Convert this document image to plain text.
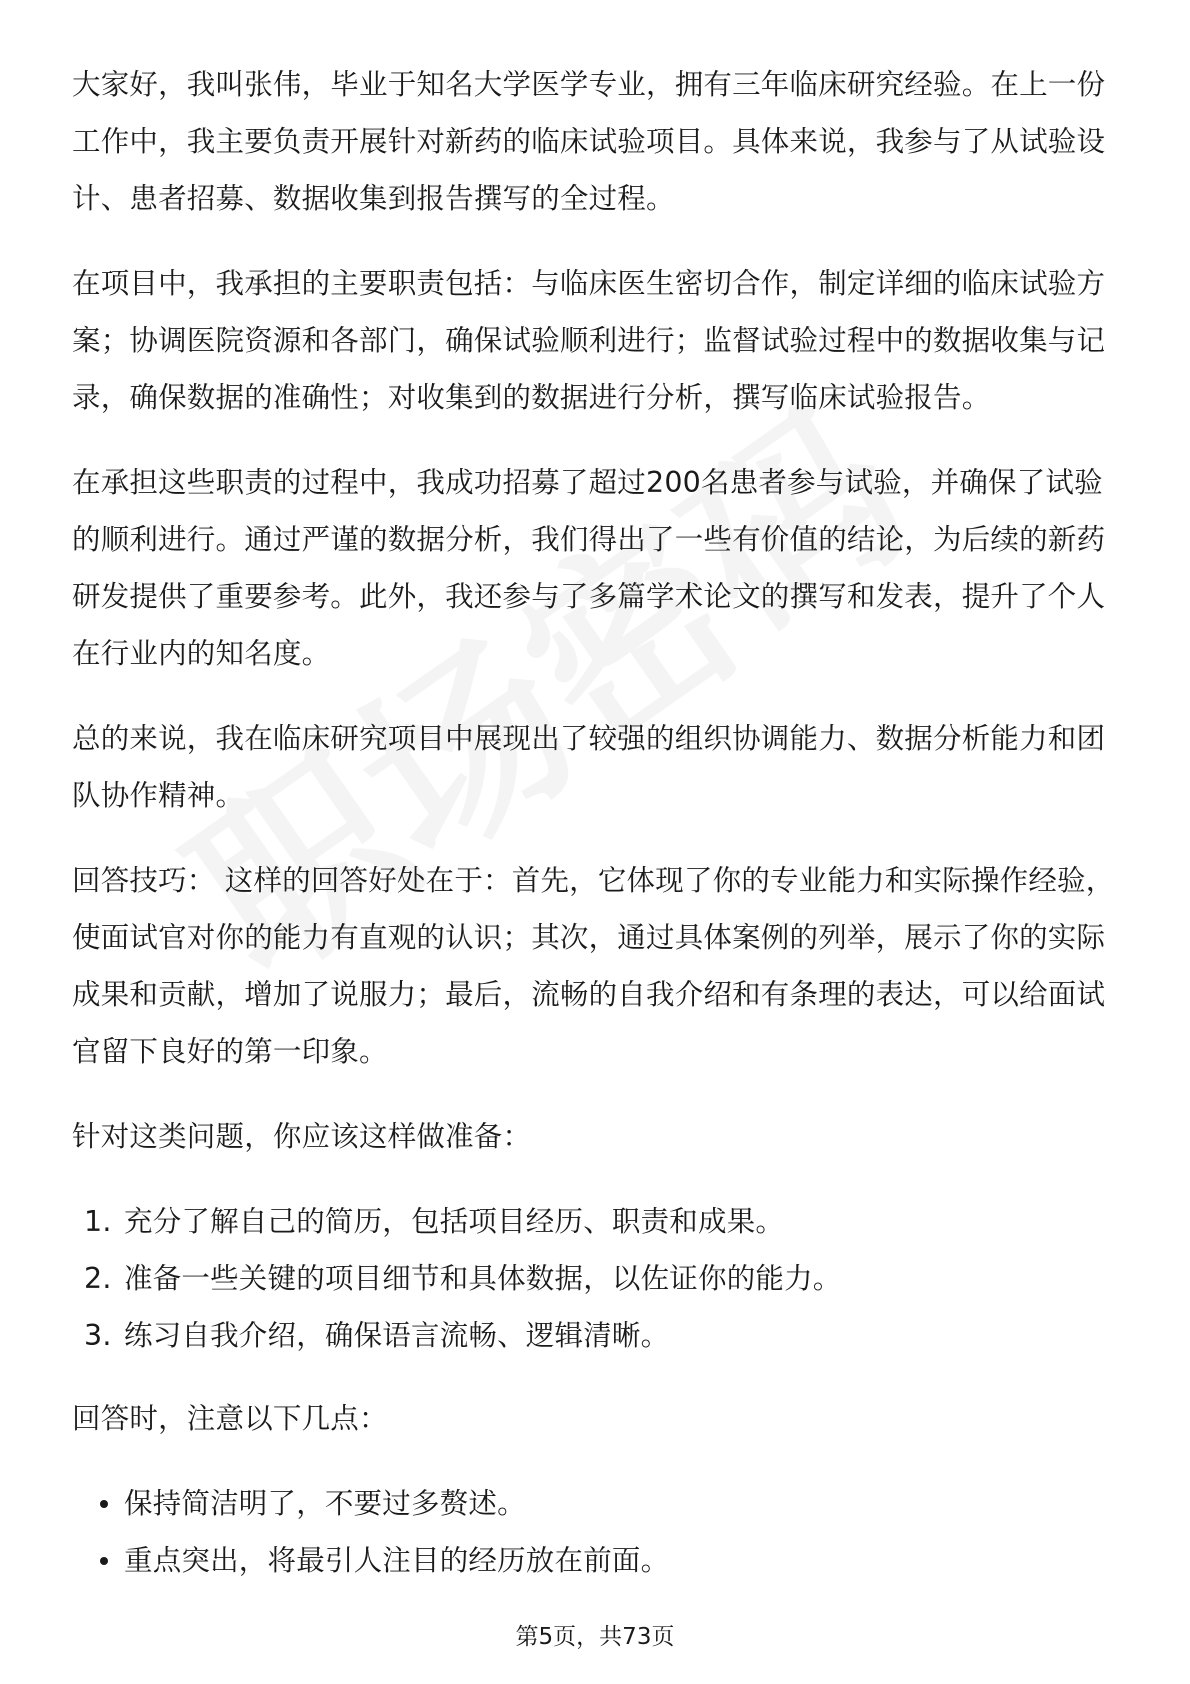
大家好，我叫张伟，毕业于知名大学医学专业，拥有三年临床研究经验。在上一份工作中，我主要负责开展针对新药的临床试验项目。具体来说，我参与了从试验设计、患者招募、数据收集到报告撰写的全过程。

在项目中，我承担的主要职责包括：与临床医生密切合作，制定详细的临床试验方案；协调医院资源和各部门，确保试验顺利进行；监督试验过程中的数据收集与记录，确保数据的准确性；对收集到的数据进行分析，撰写临床试验报告。

在承担这些职责的过程中，我成功招募了超过200名患者参与试验，并确保了试验的顺利进行。通过严谨的数据分析，我们得出了一些有价值的结论，为后续的新药研发提供了重要参考。此外，我还参与了多篇学术论文的撰写和发表，提升了个人在行业内的知名度。

总的来说，我在临床研究项目中展现出了较强的组织协调能力、数据分析能力和团队协作精神。

回答技巧： 这样的回答好处在于：首先，它体现了你的专业能力和实际操作经验，使面试官对你的能力有直观的认识；其次，通过具体案例的列举，展示了你的实际成果和贡献，增加了说服力；最后，流畅的自我介绍和有条理的表达，可以给面试官留下良好的第一印象。

针对这类问题，你应该这样做准备：

1. 充分了解自己的简历，包括项目经历、职责和成果。
2. 准备一些关键的项目细节和具体数据，以佐证你的能力。
3. 练习自我介绍，确保语言流畅、逻辑清晰。

回答时，注意以下几点：

保持简洁明了，不要过多赘述。
重点突出，将最引人注目的经历放在前面。
第5页，共73页
